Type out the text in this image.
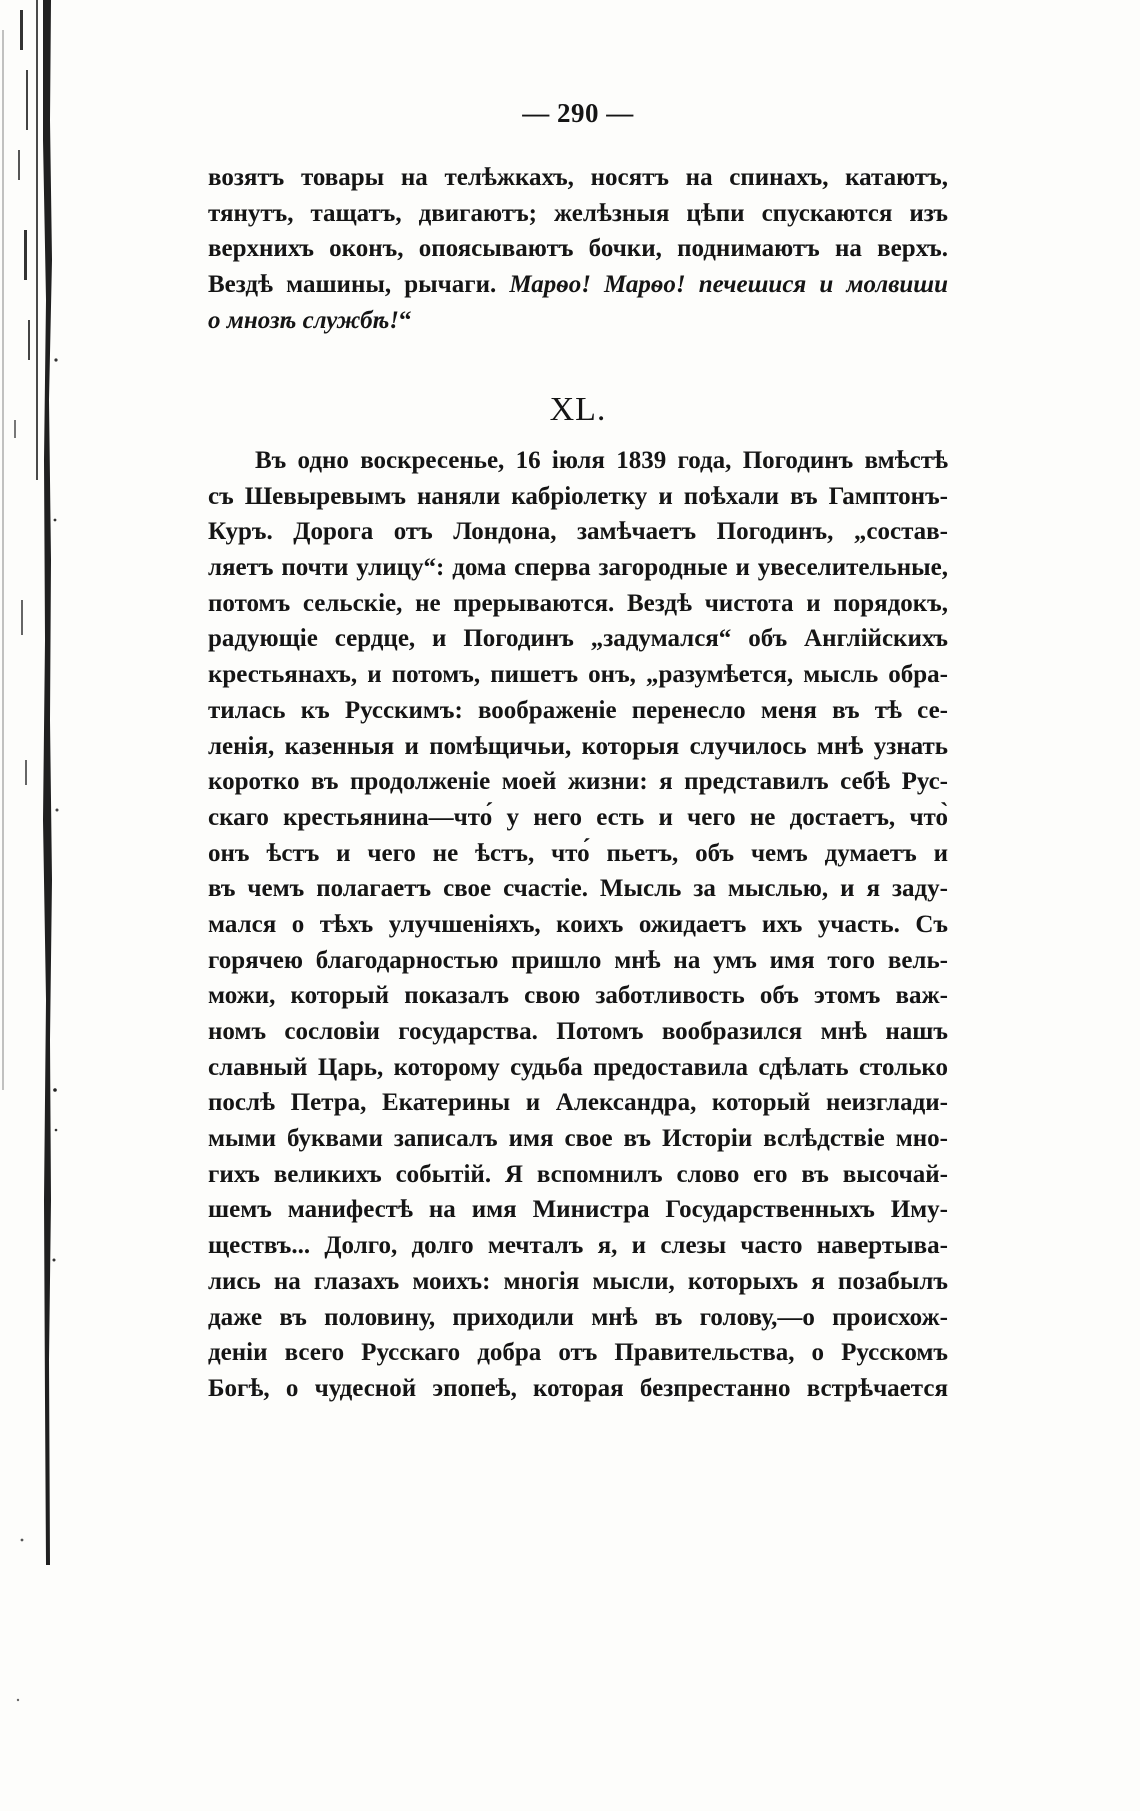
— 290 —
возятъ товары на телѣжкахъ, носятъ на спинахъ, катаютъ,
тянутъ, тащатъ, двигаютъ; желѣзныя цѣпи спускаются изъ
верхнихъ оконъ, опоясываютъ бочки, поднимаютъ на верхъ.
Вездѣ машины, рычаги. Марѳо! Марѳо! печешися и молвиши
о мнозѣ службѣ!“
XL.
Въ одно воскресенье, 16 іюля 1839 года, Погодинъ вмѣстѣ
съ Шевыревымъ наняли кабріолетку и поѣхали въ Гамптонъ-
Куръ. Дорога отъ Лондона, замѣчаетъ Погодинъ, „состав-
ляетъ почти улицу“: дома сперва загородные и увеселительные,
потомъ сельскіе, не прерываются. Вездѣ чистота и порядокъ,
радующіе сердце, и Погодинъ „задумался“ объ Англійскихъ
крестьянахъ, и потомъ, пишетъ онъ, „разумѣется, мысль обра-
тилась къ Русскимъ: воображеніе перенесло меня въ тѣ се-
ленія, казенныя и помѣщичьи, которыя случилось мнѣ узнать
коротко въ продолженіе моей жизни: я представилъ себѣ Рус-
скаго крестьянина—что́ у него есть и чего не достаетъ, что̀
онъ ѣстъ и чего не ѣстъ, что́ пьетъ, объ чемъ думаетъ и
въ чемъ полагаетъ свое счастіе. Мысль за мыслью, и я заду-
мался о тѣхъ улучшеніяхъ, коихъ ожидаетъ ихъ участь. Съ
горячею благодарностью пришло мнѣ на умъ имя того вель-
можи, который показалъ свою заботливость объ этомъ важ-
номъ сословіи государства. Потомъ вообразился мнѣ нашъ
славный Царь, которому судьба предоставила сдѣлать столько
послѣ Петра, Екатерины и Александра, который неизглади-
мыми буквами записалъ имя свое въ Исторіи вслѣдствіе мно-
гихъ великихъ событій. Я вспомнилъ слово его въ высочай-
шемъ манифестѣ на имя Министра Государственныхъ Иму-
ществъ... Долго, долго мечталъ я, и слезы часто навертыва-
лись на глазахъ моихъ: многія мысли, которыхъ я позабылъ
даже въ половину, приходили мнѣ въ голову,—о происхож-
деніи всего Русскаго добра отъ Правительства, о Русскомъ
Богѣ, о чудесной эпопеѣ, которая безпрестанно встрѣчается
